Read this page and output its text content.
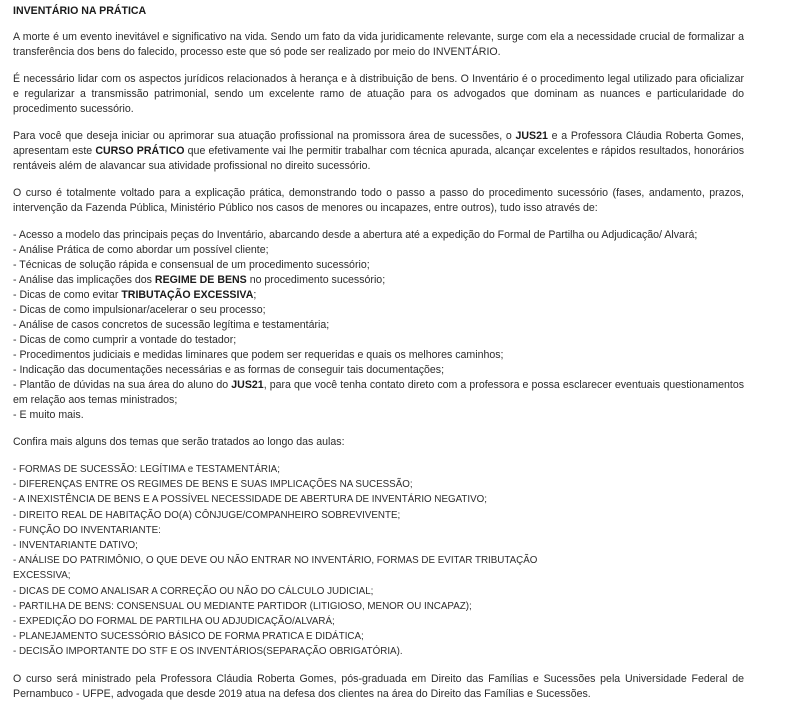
INVENTÁRIO NA PRÁTICA

A morte é um evento inevitável e significativo na vida. Sendo um fato da vida juridicamente relevante, surge com ela a necessidade crucial de formalizar a transferência dos bens do falecido, processo este que só pode ser realizado por meio do INVENTÁRIO.

É necessário lidar com os aspectos jurídicos relacionados à herança e à distribuição de bens. O Inventário é o procedimento legal utilizado para oficializar e regularizar a transmissão patrimonial, sendo um excelente ramo de atuação para os advogados que dominam as nuances e particularidade do procedimento sucessório.

Para você que deseja iniciar ou aprimorar sua atuação profissional na promissora área de sucessões, o JUS21 e a Professora Cláudia Roberta Gomes, apresentam este CURSO PRÁTICO que efetivamente vai lhe permitir trabalhar com técnica apurada, alcançar excelentes e rápidos resultados, honorários rentáveis além de alavancar sua atividade profissional no direito sucessório.

O curso é totalmente voltado para a explicação prática, demonstrando todo o passo a passo do procedimento sucessório (fases, andamento, prazos, intervenção da Fazenda Pública, Ministério Público nos casos de menores ou incapazes, entre outros), tudo isso através de:

- Acesso a modelo das principais peças do Inventário, abarcando desde a abertura até a expedição do Formal de Partilha ou Adjudicação/ Alvará;
- Análise Prática de como abordar um possível cliente;
- Técnicas de solução rápida e consensual de um procedimento sucessório;
- Análise das implicações dos REGIME DE BENS no procedimento sucessório;
- Dicas de como evitar TRIBUTAÇÃO EXCESSIVA;
- Dicas de como impulsionar/acelerar o seu processo;
- Análise de casos concretos de sucessão legítima e testamentária;
- Dicas de como cumprir a vontade do testador;
- Procedimentos judiciais e medidas liminares que podem ser requeridas e quais os melhores caminhos;
- Indicação das documentações necessárias e as formas de conseguir tais documentações;
- Plantão de dúvidas na sua área do aluno do JUS21, para que você tenha contato direto com a professora e possa esclarecer eventuais questionamentos em relação aos temas ministrados;
- E muito mais.

Confira mais alguns dos temas que serão tratados ao longo das aulas:

- FORMAS DE SUCESSÃO: LEGÍTIMA e TESTAMENTÁRIA;
- DIFERENÇAS ENTRE OS REGIMES DE BENS E SUAS IMPLICAÇÕES NA SUCESSÃO;
- A INEXISTÊNCIA DE BENS E A POSSÍVEL NECESSIDADE DE ABERTURA DE INVENTÁRIO NEGATIVO;
- DIREITO REAL DE HABITAÇÃO DO(A) CÔNJUGE/COMPANHEIRO SOBREVIVENTE;
- FUNÇÃO DO INVENTARIANTE:
- INVENTARIANTE DATIVO;
- ANÁLISE DO PATRIMÔNIO, O QUE DEVE OU NÃO ENTRAR NO INVENTÁRIO, FORMAS DE EVITAR TRIBUTAÇÃO
EXCESSIVA;
- DICAS DE COMO ANALISAR A CORREÇÃO OU NÃO DO CÁLCULO JUDICIAL;
- PARTILHA DE BENS: CONSENSUAL OU MEDIANTE PARTIDOR (LITIGIOSO, MENOR OU INCAPAZ);
- EXPEDIÇÃO DO FORMAL DE PARTILHA OU ADJUDICAÇÃO/ALVARÁ;
- PLANEJAMENTO SUCESSÓRIO BÁSICO DE FORMA PRATICA E DIDÁTICA;
- DECISÃO IMPORTANTE DO STF E OS INVENTÁRIOS(SEPARAÇÃO OBRIGATÓRIA).

O curso será ministrado pela Professora Cláudia Roberta Gomes, pós-graduada em Direito das Famílias e Sucessões pela Universidade Federal de Pernambuco - UFPE, advogada que desde 2019 atua na defesa dos clientes na área do Direito das Famílias e Sucessões.
